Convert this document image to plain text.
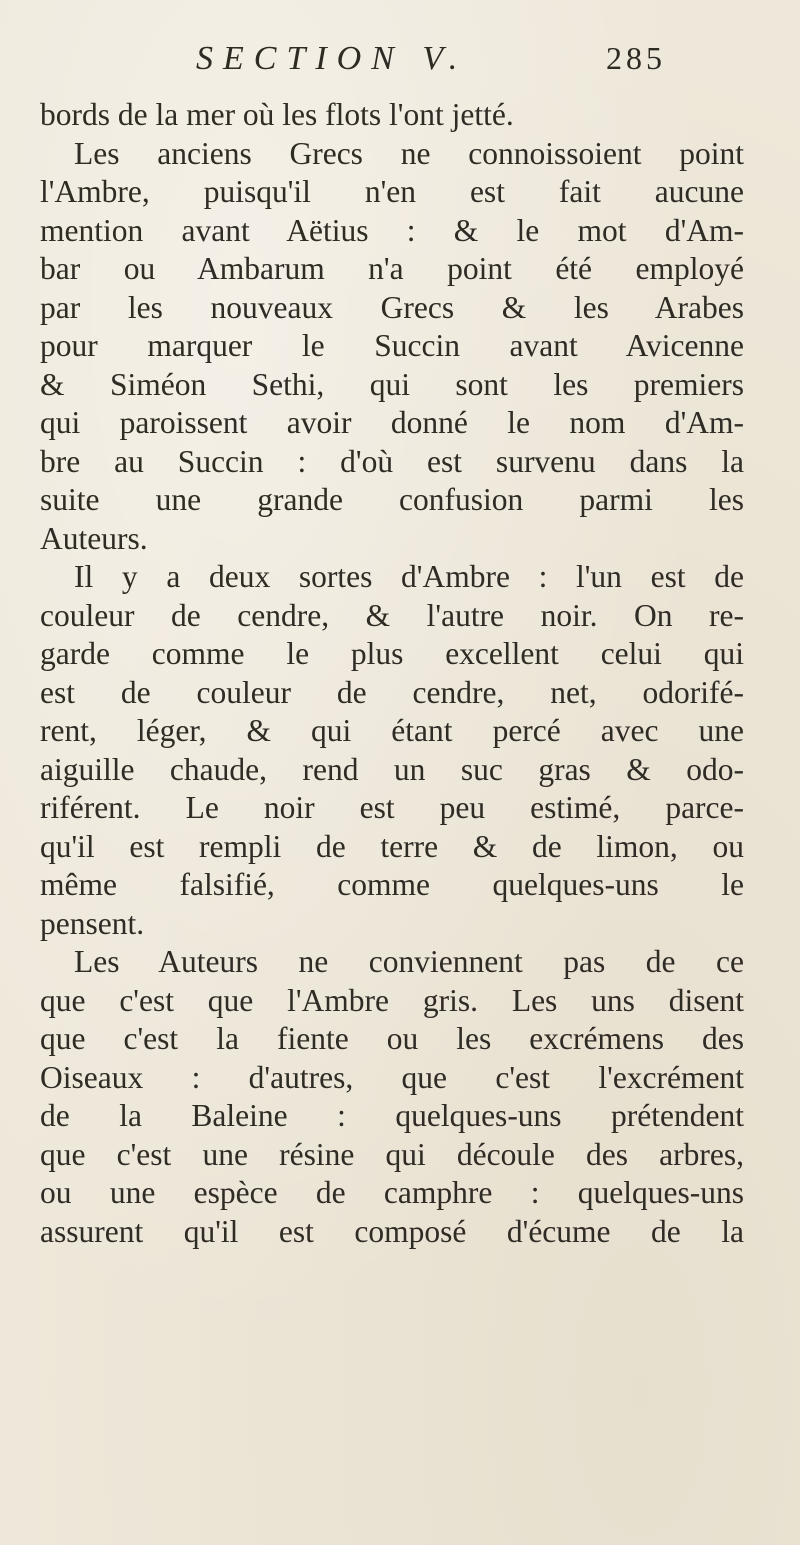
SECTION V.	285
bords de la mer où les flots l'ont jetté.
Les anciens Grecs ne connoissoient point
l'Ambre, puisqu'il n'en est fait aucune
mention avant Aëtius : & le mot d'Am-
bar ou Ambarum n'a point été employé
par les nouveaux Grecs & les Arabes
pour marquer le Succin avant Avicenne
& Siméon Sethi, qui sont les premiers
qui paroissent avoir donné le nom d'Am-
bre au Succin : d'où est survenu dans la
suite une grande confusion parmi les
Auteurs.
Il y a deux sortes d'Ambre : l'un est de
couleur de cendre, & l'autre noir. On re-
garde comme le plus excellent celui qui
est de couleur de cendre, net, odorifé-
rent, léger, & qui étant percé avec une
aiguille chaude, rend un suc gras & odo-
riférent. Le noir est peu estimé, parce-
qu'il est rempli de terre & de limon, ou
même falsifié, comme quelques-uns le
pensent.
Les Auteurs ne conviennent pas de ce
que c'est que l'Ambre gris. Les uns disent
que c'est la fiente ou les excrémens des
Oiseaux : d'autres, que c'est l'excrément
de la Baleine : quelques-uns prétendent
que c'est une résine qui découle des arbres,
ou une espèce de camphre : quelques-uns
assurent qu'il est composé d'écume de la
